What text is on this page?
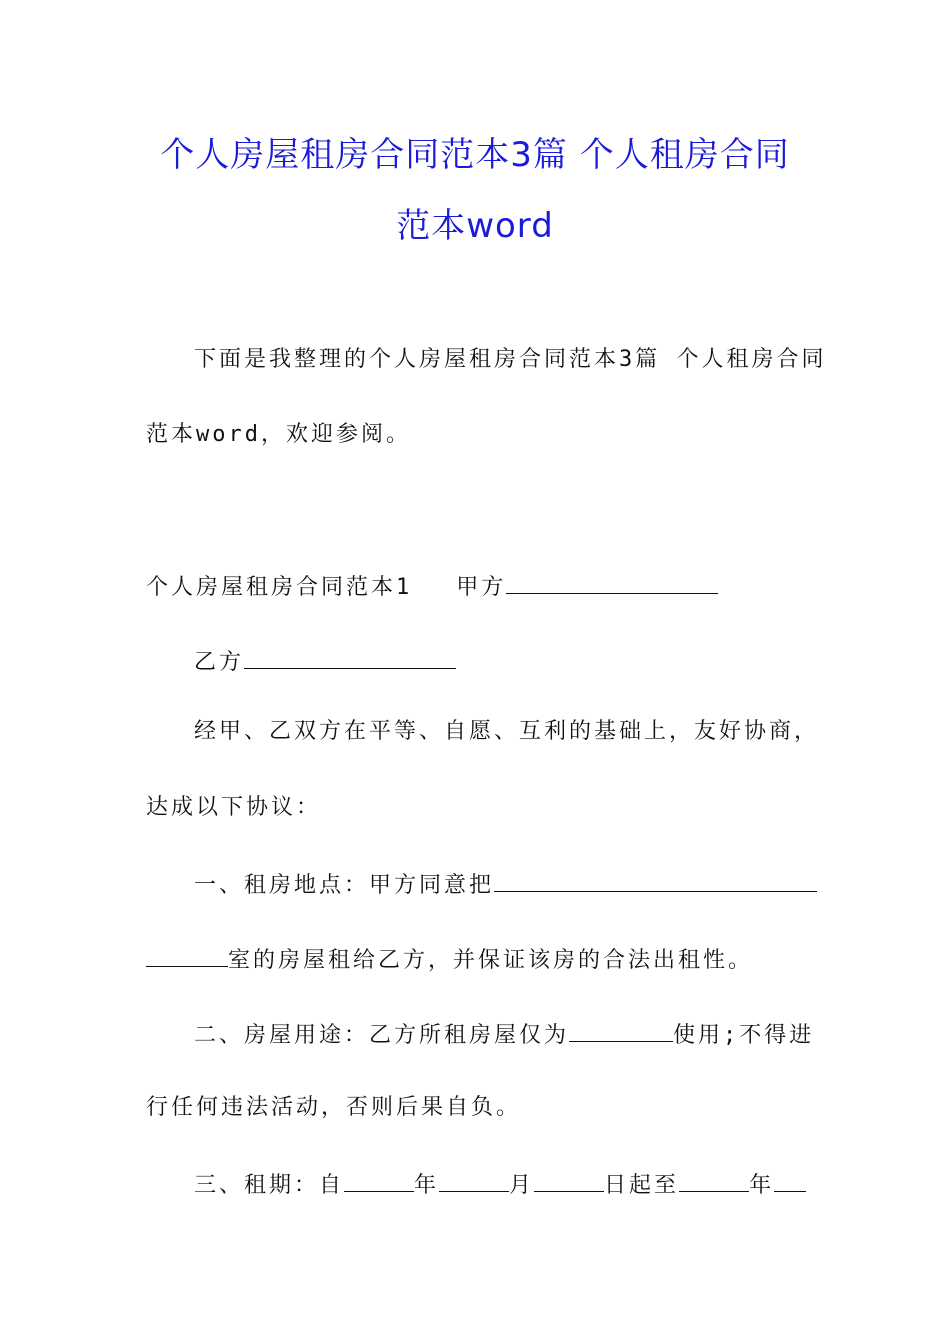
个人房屋租房合同范本3篇 个人租房合同
范本word
下面是我整理的个人房屋租房合同范本3篇 个人租房合同
范本word，欢迎参阅。
个人房屋租房合同范本1 甲方
乙方
经甲、乙双方在平等、自愿、互利的基础上，友好协商，
达成以下协议：
一、租房地点：甲方同意把
室的房屋租给乙方，并保证该房的合法出租性。
二、房屋用途：乙方所租房屋仅为	使用;不得进
行任何违法活动，否则后果自负。
三、租期：自	年	月	日起至	年
